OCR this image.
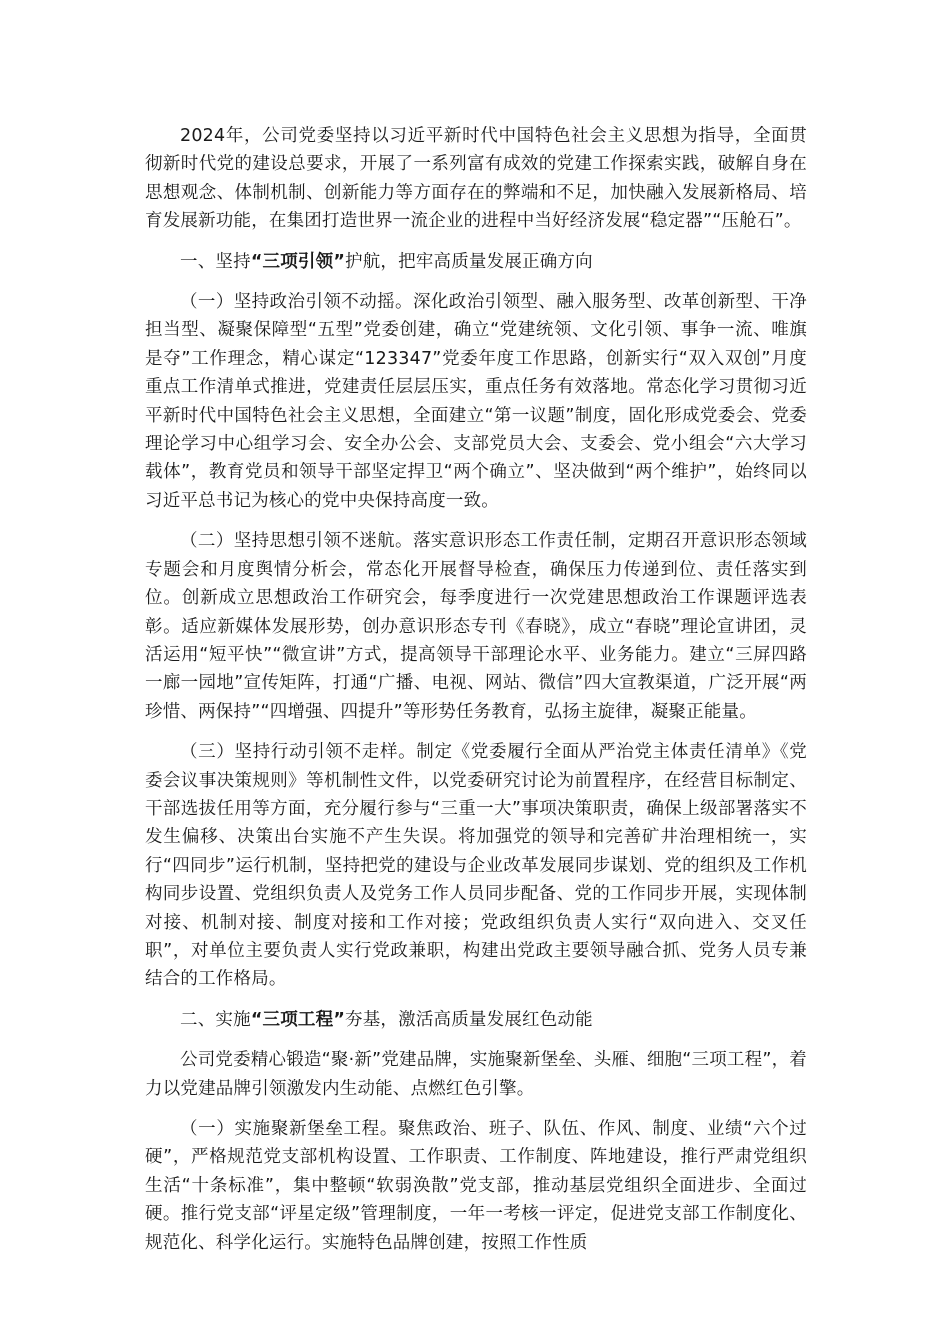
2024年，公司党委坚持以习近平新时代中国特色社会主义思想为指导，全面贯彻新时代党的建设总要求，开展了一系列富有成效的党建工作探索实践，破解自身在思想观念、体制机制、创新能力等方面存在的弊端和不足，加快融入发展新格局、培育发展新功能，在集团打造世界一流企业的进程中当好经济发展“稳定器”“压舱石”。

一、坚持“三项引领”护航，把牢高质量发展正确方向

（一）坚持政治引领不动摇。深化政治引领型、融入服务型、改革创新型、干净担当型、凝聚保障型“五型”党委创建，确立“党建统领、文化引领、事争一流、唯旗是夺”工作理念，精心谋定“123347”党委年度工作思路，创新实行“双入双创”月度重点工作清单式推进，党建责任层层压实，重点任务有效落地。常态化学习贯彻习近平新时代中国特色社会主义思想，全面建立“第一议题”制度，固化形成党委会、党委理论学习中心组学习会、安全办公会、支部党员大会、支委会、党小组会“六大学习载体”，教育党员和领导干部坚定捍卫“两个确立”、坚决做到“两个维护”，始终同以习近平总书记为核心的党中央保持高度一致。

（二）坚持思想引领不迷航。落实意识形态工作责任制，定期召开意识形态领域专题会和月度舆情分析会，常态化开展督导检查，确保压力传递到位、责任落实到位。创新成立思想政治工作研究会，每季度进行一次党建思想政治工作课题评选表彰。适应新媒体发展形势，创办意识形态专刊《春晓》，成立“春晓”理论宣讲团，灵活运用“短平快”“微宣讲”方式，提高领导干部理论水平、业务能力。建立“三屏四路一廊一园地”宣传矩阵，打通“广播、电视、网站、微信”四大宣教渠道，广泛开展“两珍惜、两保持”“四增强、四提升”等形势任务教育，弘扬主旋律，凝聚正能量。

（三）坚持行动引领不走样。制定《党委履行全面从严治党主体责任清单》《党委会议事决策规则》等机制性文件，以党委研究讨论为前置程序，在经营目标制定、干部选拔任用等方面，充分履行参与“三重一大”事项决策职责，确保上级部署落实不发生偏移、决策出台实施不产生失误。将加强党的领导和完善矿井治理相统一，实行“四同步”运行机制，坚持把党的建设与企业改革发展同步谋划、党的组织及工作机构同步设置、党组织负责人及党务工作人员同步配备、党的工作同步开展，实现体制对接、机制对接、制度对接和工作对接；党政组织负责人实行“双向进入、交叉任职”，对单位主要负责人实行党政兼职，构建出党政主要领导融合抓、党务人员专兼结合的工作格局。

二、实施“三项工程”夯基，激活高质量发展红色动能

公司党委精心锻造“聚·新”党建品牌，实施聚新堡垒、头雁、细胞“三项工程”，着力以党建品牌引领激发内生动能、点燃红色引擎。

（一）实施聚新堡垒工程。聚焦政治、班子、队伍、作风、制度、业绩“六个过硬”，严格规范党支部机构设置、工作职责、工作制度、阵地建设，推行严肃党组织生活“十条标准”，集中整顿“软弱涣散”党支部，推动基层党组织全面进步、全面过硬。推行党支部“评星定级”管理制度，一年一考核一评定，促进党支部工作制度化、规范化、科学化运行。实施特色品牌创建，按照工作性质
